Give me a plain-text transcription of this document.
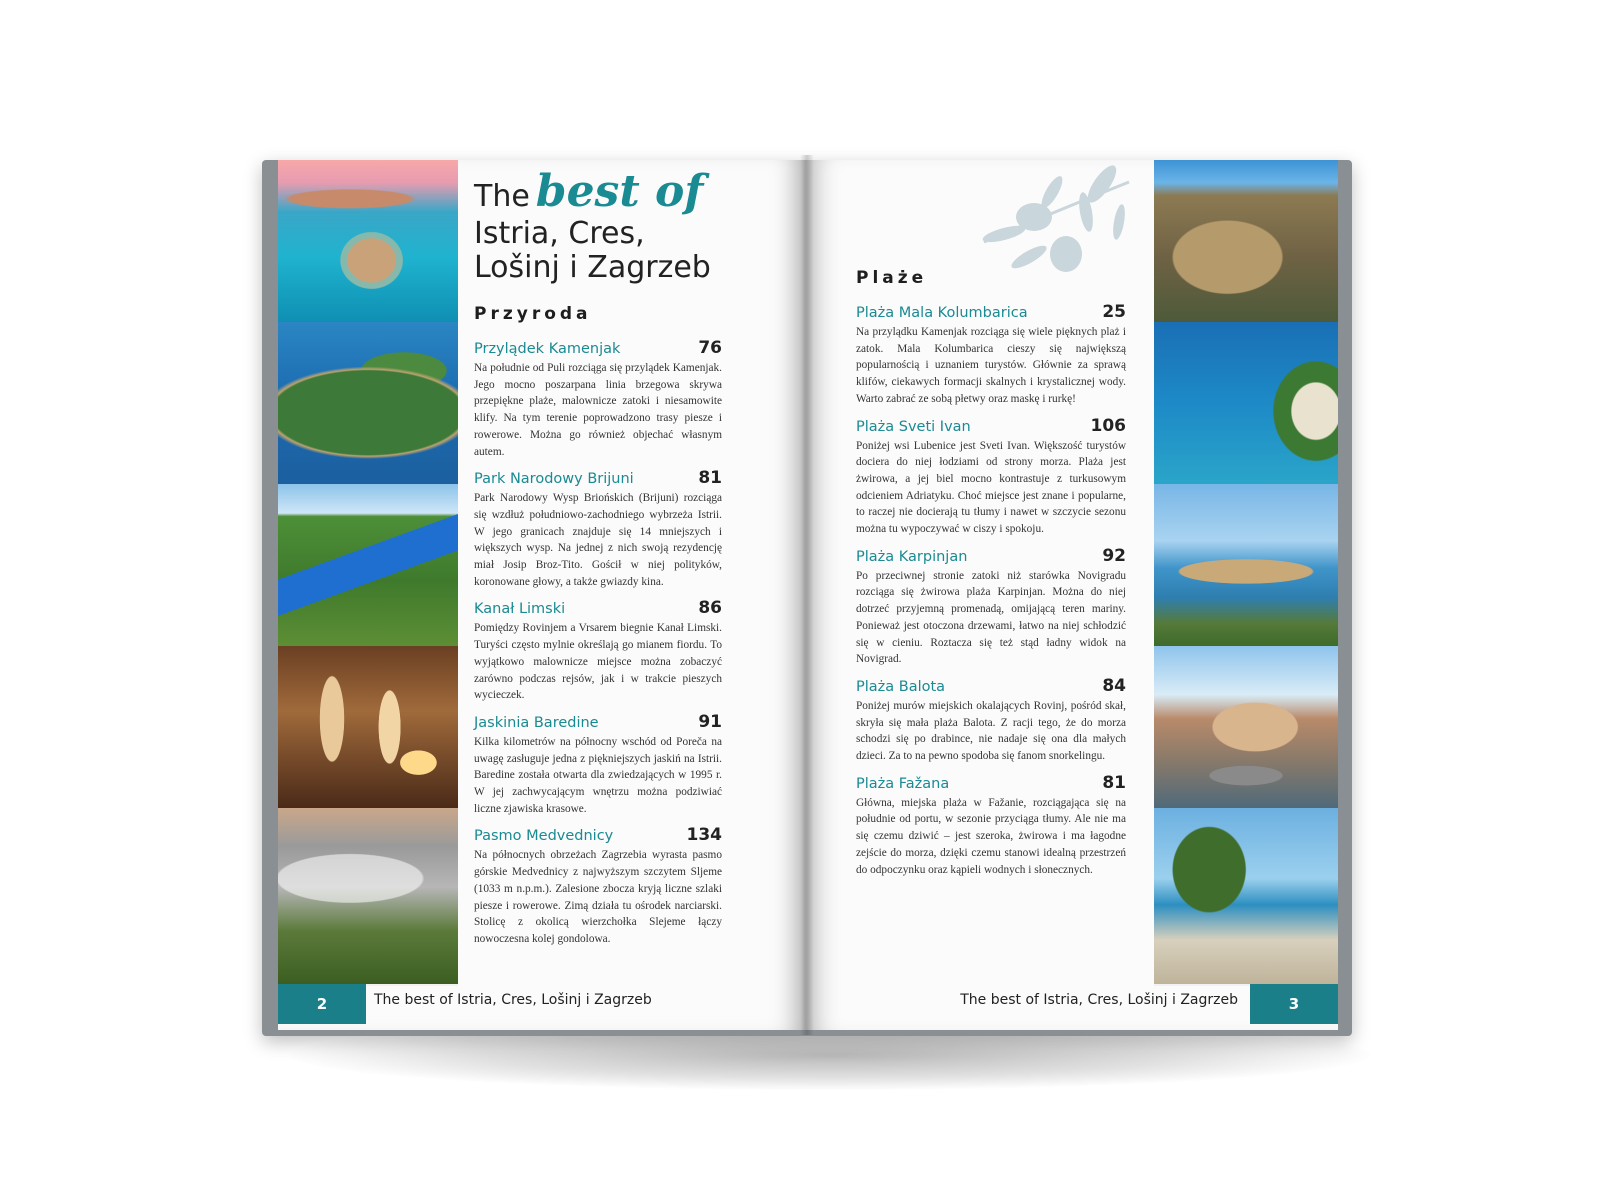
The best of
Istria, Cres,
Lošinj i Zagrzeb
Przyroda
Przylądek Kamenjak	76
Na południe od Puli rozciąga się przylądek Kamenjak. Jego mocno poszarpana linia brzegowa skrywa przepiękne plaże, malownicze zatoki i niesamowite klify. Na tym terenie poprowadzono trasy piesze i rowerowe. Można go również objechać własnym autem.
Park Narodowy Brijuni	81
Park Narodowy Wysp Briońskich (Brijuni) rozciąga się wzdłuż południowo-zachodniego wybrzeża Istrii. W jego granicach znajduje się 14 mniejszych i większych wysp. Na jednej z nich swoją rezydencję miał Josip Broz-Tito. Gościł w niej polityków, koronowane głowy, a także gwiazdy kina.
Kanał Limski	86
Pomiędzy Rovinjem a Vrsarem biegnie Kanał Limski. Turyści często mylnie określają go mianem fiordu. To wyjątkowo malownicze miejsce można zobaczyć zarówno podczas rejsów, jak i w trakcie pieszych wycieczek.
Jaskinia Baredine	91
Kilka kilometrów na północny wschód od Poreča na uwagę zasługuje jedna z piękniejszych jaskiń na Istrii. Baredine została otwarta dla zwiedzających w 1995 r. W jej zachwycającym wnętrzu można podziwiać liczne zjawiska krasowe.
Pasmo Medvednicy	134
Na północnych obrzeżach Zagrzebia wyrasta pasmo górskie Medvednicy z najwyższym szczytem Sljeme (1033 m n.p.m.). Zalesione zbocza kryją liczne szlaki piesze i rowerowe. Zimą działa tu ośrodek narciarski. Stolicę z okolicą wierzchołka Slejeme łączy nowoczesna kolej gondolowa.
2	The best of Istria, Cres, Lošinj i Zagrzeb
Plaże
Plaża Mala Kolumbarica	25
Na przylądku Kamenjak rozciąga się wiele pięknych plaż i zatok. Mala Kolumbarica cieszy się największą popularnością i uznaniem turystów. Głównie za sprawą klifów, ciekawych formacji skalnych i krystalicznej wody. Warto zabrać ze sobą płetwy oraz maskę i rurkę!
Plaża Sveti Ivan	106
Poniżej wsi Lubenice jest Sveti Ivan. Większość turystów dociera do niej łodziami od strony morza. Plaża jest żwirowa, a jej biel mocno kontrastuje z turkusowym odcieniem Adriatyku. Choć miejsce jest znane i popularne, to raczej nie docierają tu tłumy i nawet w szczycie sezonu można tu wypoczywać w ciszy i spokoju.
Plaża Karpinjan	92
Po przeciwnej stronie zatoki niż starówka Novigradu rozciąga się żwirowa plaża Karpinjan. Można do niej dotrzeć przyjemną promenadą, omijającą teren mariny. Ponieważ jest otoczona drzewami, łatwo na niej schłodzić się w cieniu. Roztacza się też stąd ładny widok na Novigrad.
Plaża Balota	84
Poniżej murów miejskich okalających Rovinj, pośród skał, skryła się mała plaża Balota. Z racji tego, że do morza schodzi się po drabince, nie nadaje się ona dla małych dzieci. Za to na pewno spodoba się fanom snorkelingu.
Plaża Fažana	81
Główna, miejska plaża w Fažanie, rozciągająca się na południe od portu, w sezonie przyciąga tłumy. Ale nie ma się czemu dziwić – jest szeroka, żwirowa i ma łagodne zejście do morza, dzięki czemu stanowi idealną przestrzeń do odpoczynku oraz kąpieli wodnych i słonecznych.
The best of Istria, Cres, Lošinj i Zagrzeb	3
